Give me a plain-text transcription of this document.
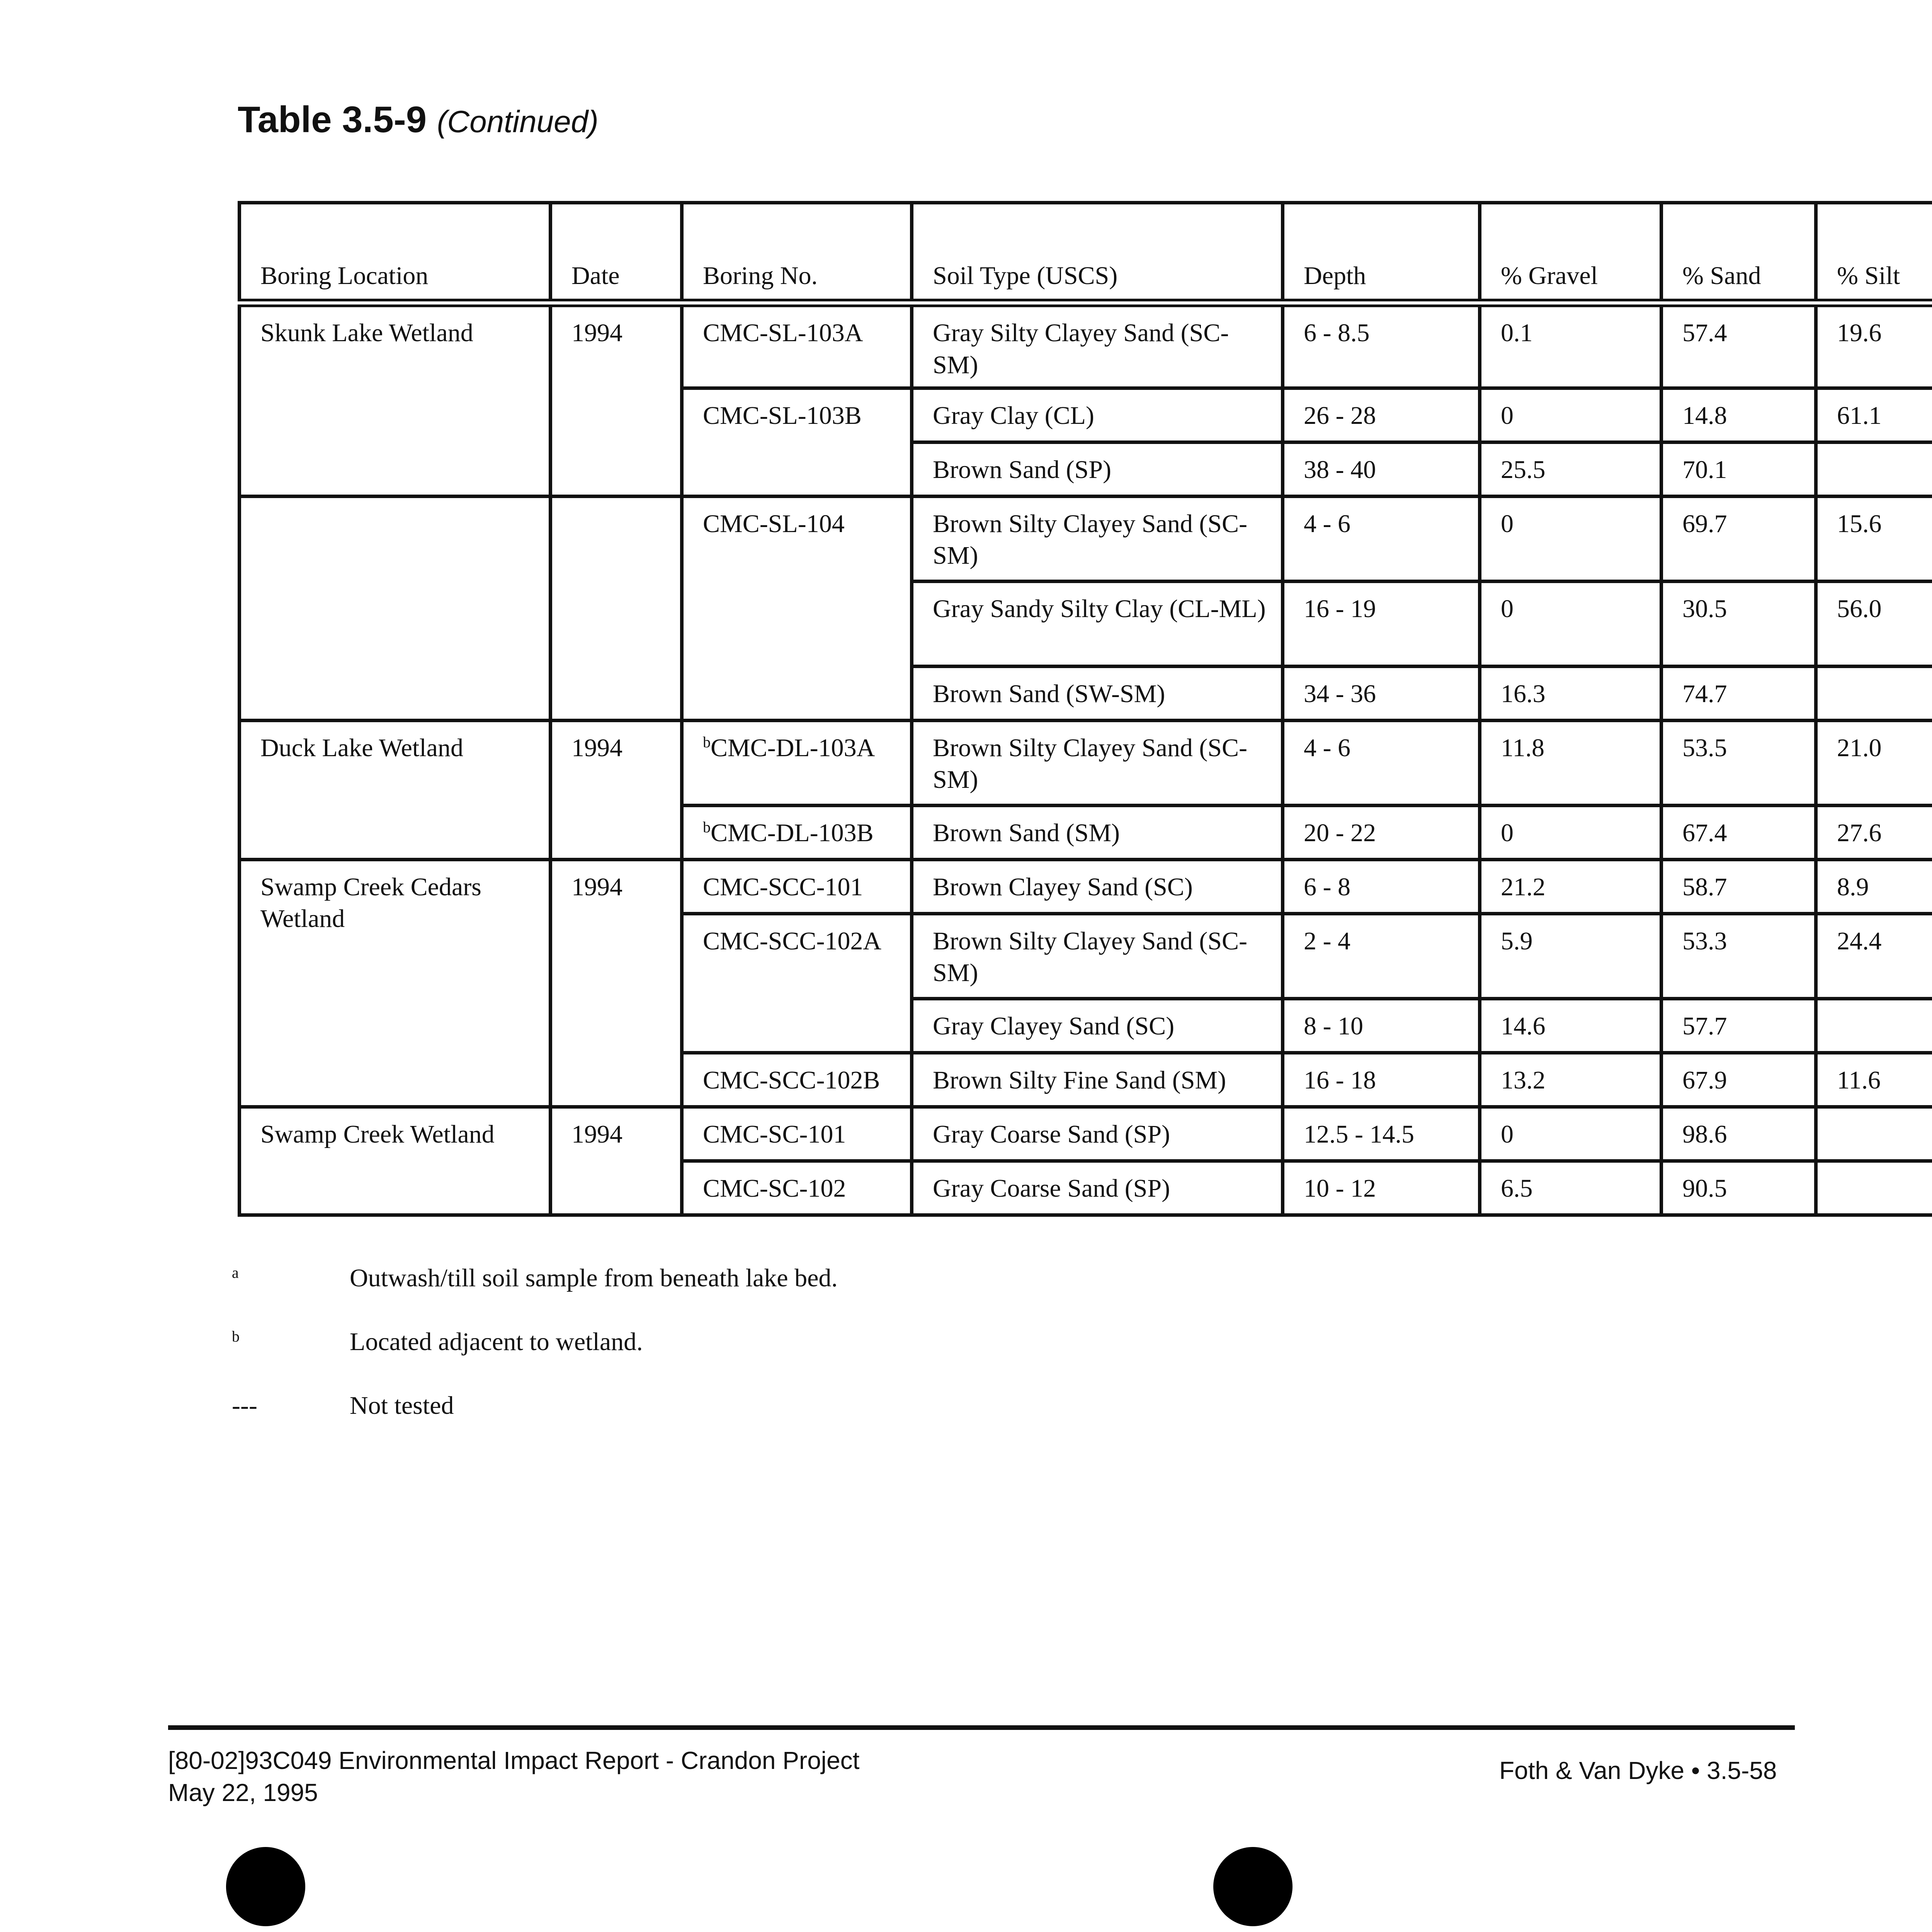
Table 3.5-9 (Continued)
Boring Location	Date	Boring No.	Soil Type (USCS)	Depth	% Gravel	% Sand	% Silt		
Skunk Lake Wetland	1994	CMC-SL-103A	Gray Silty Clayey Sand (SC-SM)	6 - 8.5	0.1	57.4	19.6		
		CMC-SL-103B	Gray Clay (CL)	26 - 28	0	14.8	61.1		
			Brown Sand (SP)	38 - 40	25.5	70.1		
		CMC-SL-104	Brown Silty Clayey Sand (SC-SM)	4 - 6	0	69.7	15.6		
			Gray Sandy Silty Clay (CL-ML)	16 - 19	0	30.5	56.0		
			Brown Sand (SW-SM)	34 - 36	16.3	74.7		
Duck Lake Wetland	1994	$^b$CMC-DL-103A	Brown Silty Clayey Sand (SC-SM)	4 - 6	11.8	53.5	21.0		
		$^b$CMC-DL-103B	Brown Sand (SM)	20 - 22	0	67.4	27.6		
Swamp Creek Cedars Wetland	1994	CMC-SCC-101	Brown Clayey Sand (SC)	6 - 8	21.2	58.7	8.9		
		CMC-SCC-102A	Brown Silty Clayey Sand (SC-SM)	2 - 4	5.9	53.3	24.4		
			Gray Clayey Sand (SC)	8 - 10	14.6	57.7		
		CMC-SCC-102B	Brown Silty Fine Sand (SM)	16 - 18	13.2	67.9	11.6		
Swamp Creek Wetland	1994	CMC-SC-101	Gray Coarse Sand (SP)	12.5 - 14.5	0	98.6		
		CMC-SC-102	Gray Coarse Sand (SP)	10 - 12	6.5	90.5		
$^a$	Outwash/till soil sample from beneath lake bed.
$^b$	Located adjacent to wetland.
---	Not tested
[80-02]93C049 Environmental Impact Report - Crandon Project
May 22, 1995
Foth & Van Dyke • 3.5-58
